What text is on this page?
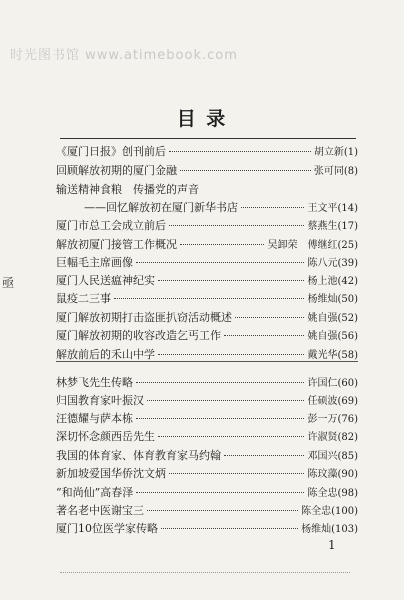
时光图书馆 www.atimebook.com
目 录
亟
《厦门日报》创刊前后	胡立新 (1)
回顾解放初期的厦门金融	张可同 (8)
输送精神食粮　传播党的声音
——回忆解放初在厦门新华书店	王文平 (14)
厦门市总工会成立前后	蔡燕生 (17)
解放初厦门接管工作概况	吴卸荣　傅继红 (25)
巨幅毛主席画像	陈八元 (39)
厦门人民送瘟神纪实	杨上池 (42)
鼠疫二三事	杨维灿 (50)
厦门解放初期打击盗匪扒窃活动概述	姚自强 (52)
厦门解放初期的收容改造乞丐工作	姚自强 (56)
解放前后的禾山中学	戴光华 (58)
林梦飞先生传略	许国仁 (60)
归国教育家叶振汉	任硕波 (69)
汪德耀与萨本栋	彭一万 (76)
深切怀念颜西岳先生	许淑贤 (82)
我国的体育家、体育教育家马约翰	邓国兴 (85)
新加坡爱国华侨沈文炳	陈玟藻 (90)
“和尚仙”高春泽	陈全忠 (98)
著名老中医谢宝三	陈全忠 (100)
厦门10位医学家传略	杨维灿 (103)
1
